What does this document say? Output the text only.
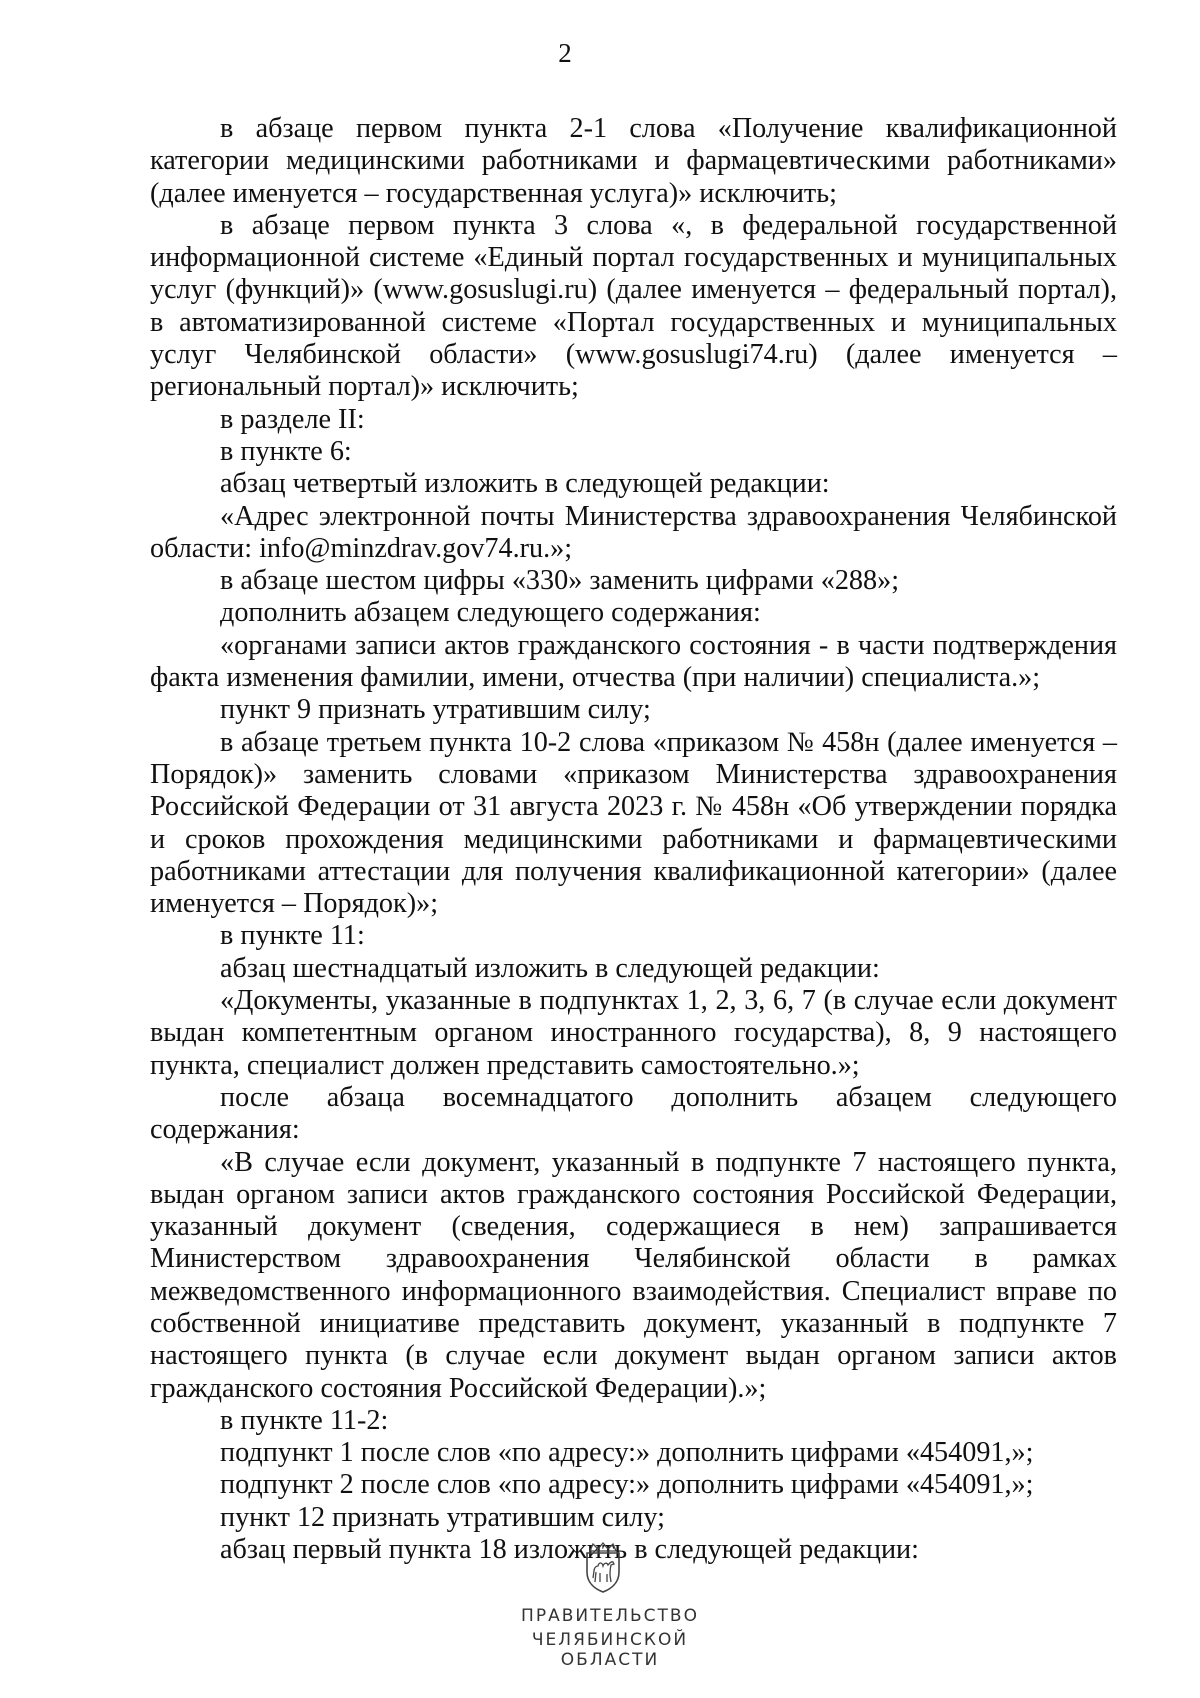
2

в абзаце первом пункта 2-1 слова «Получение квалификационной категории медицинскими работниками и фармацевтическими работниками» (далее именуется – государственная услуга)» исключить;

в абзаце первом пункта 3 слова «, в федеральной государственной информационной системе «Единый портал государственных и муниципальных услуг (функций)» (www.gosuslugi.ru) (далее именуется – федеральный портал), в автоматизированной системе «Портал государственных и муниципальных услуг Челябинской области» (www.gosuslugi74.ru) (далее именуется – региональный портал)» исключить;

в разделе II:

в пункте 6:

абзац четвертый изложить в следующей редакции:

«Адрес электронной почты Министерства здравоохранения Челябинской области: info@minzdrav.gov74.ru.»;

в абзаце шестом цифры «330» заменить цифрами «288»;

дополнить абзацем следующего содержания:

«органами записи актов гражданского состояния - в части подтверждения факта изменения фамилии, имени, отчества (при наличии) специалиста.»;

пункт 9 признать утратившим силу;

в абзаце третьем пункта 10-2 слова «приказом № 458н (далее именуется – Порядок)» заменить словами «приказом Министерства здравоохранения Российской Федерации от 31 августа 2023 г. № 458н «Об утверждении порядка и сроков прохождения медицинскими работниками и фармацевтическими работниками аттестации для получения квалификационной категории» (далее именуется – Порядок)»;

в пункте 11:

абзац шестнадцатый изложить в следующей редакции:

«Документы, указанные в подпунктах 1, 2, 3, 6, 7 (в случае если документ выдан компетентным органом иностранного государства), 8, 9 настоящего пункта, специалист должен представить самостоятельно.»;

после абзаца восемнадцатого дополнить абзацем следующего содержания:

«В случае если документ, указанный в подпункте 7 настоящего пункта, выдан органом записи актов гражданского состояния Российской Федерации, указанный документ (сведения, содержащиеся в нем) запрашивается Министерством здравоохранения Челябинской области в рамках межведомственного информационного взаимодействия. Специалист вправе по собственной инициативе представить документ, указанный в подпункте 7 настоящего пункта (в случае если документ выдан органом записи актов гражданского состояния Российской Федерации).»;

в пункте 11-2:

подпункт 1 после слов «по адресу:» дополнить цифрами «454091,»;

подпункт 2 после слов «по адресу:» дополнить цифрами «454091,»;

пункт 12 признать утратившим силу;

абзац первый пункта 18 изложить в следующей редакции:

ПРАВИТЕЛЬСТВО
ЧЕЛЯБИНСКОЙ ОБЛАСТИ
